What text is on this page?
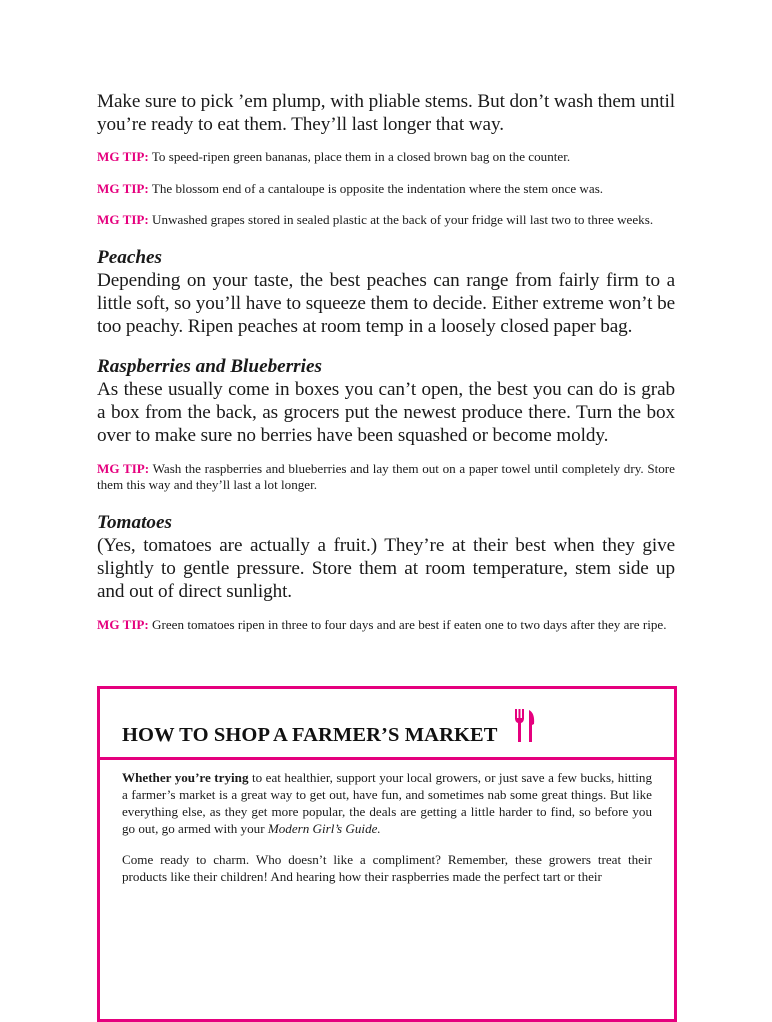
Make sure to pick ’em plump, with pliable stems. But don’t wash them until you’re ready to eat them. They’ll last longer that way.

MG TIP: To speed-ripen green bananas, place them in a closed brown bag on the counter.

MG TIP: The blossom end of a cantaloupe is opposite the indentation where the stem once was.

MG TIP: Unwashed grapes stored in sealed plastic at the back of your fridge will last two to three weeks.

Peaches

Depending on your taste, the best peaches can range from fairly firm to a little soft, so you’ll have to squeeze them to decide. Either extreme won’t be too peachy. Ripen peaches at room temp in a loosely closed paper bag.

Raspberries and Blueberries

As these usually come in boxes you can’t open, the best you can do is grab a box from the back, as grocers put the newest produce there. Turn the box over to make sure no berries have been squashed or become moldy.

MG TIP: Wash the raspberries and blueberries and lay them out on a paper towel until completely dry. Store them this way and they’ll last a lot longer.

Tomatoes

(Yes, tomatoes are actually a fruit.) They’re at their best when they give slightly to gentle pressure. Store them at room temperature, stem side up and out of direct sunlight.

MG TIP: Green tomatoes ripen in three to four days and are best if eaten one to two days after they are ripe.

HOW TO SHOP A FARMER’S MARKET

Whether you’re trying to eat healthier, support your local growers, or just save a few bucks, hitting a farmer’s market is a great way to get out, have fun, and sometimes nab some great things. But like everything else, as they get more popular, the deals are getting a little harder to find, so before you go out, go armed with your Modern Girl’s Guide.

Come ready to charm. Who doesn’t like a compliment? Remember, these growers treat their products like their children! And hearing how their raspberries made the perfect tart or their
